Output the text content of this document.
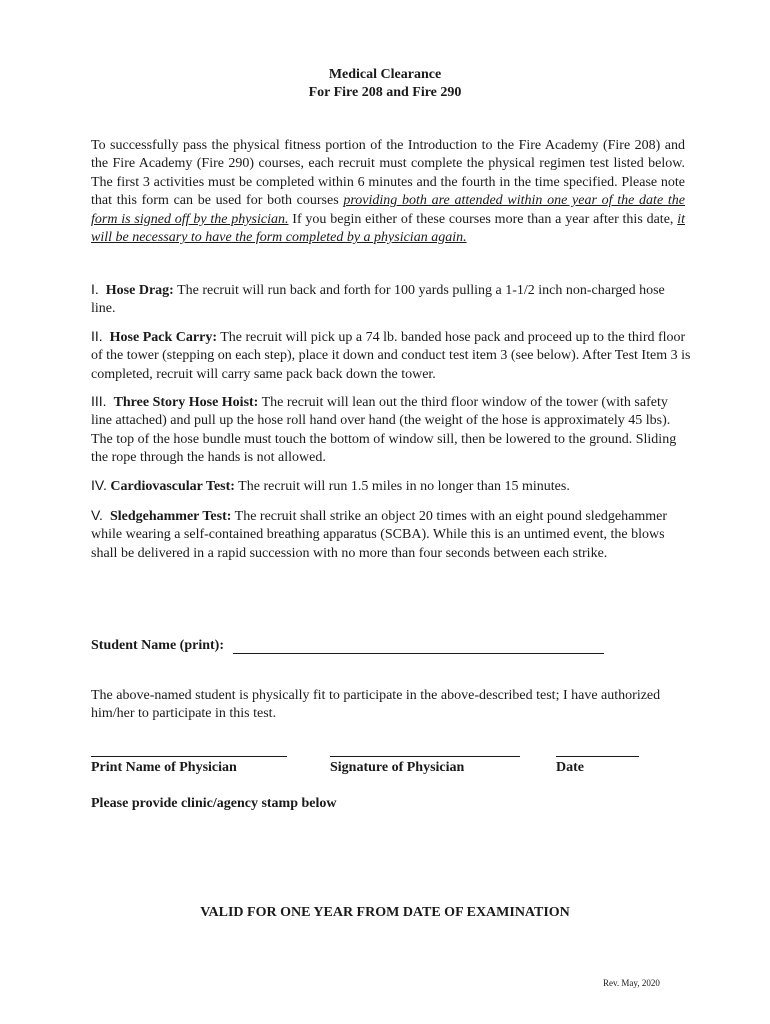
Medical Clearance
For Fire 208 and Fire 290
To successfully pass the physical fitness portion of the Introduction to the Fire Academy (Fire 208) and the Fire Academy (Fire 290) courses, each recruit must complete the physical regimen test listed below. The first 3 activities must be completed within 6 minutes and the fourth in the time specified. Please note that this form can be used for both courses providing both are attended within one year of the date the form is signed off by the physician. If you begin either of these courses more than a year after this date, it will be necessary to have the form completed by a physician again.
I. Hose Drag: The recruit will run back and forth for 100 yards pulling a 1-1/2 inch non-charged hose line.
II. Hose Pack Carry: The recruit will pick up a 74 lb. banded hose pack and proceed up to the third floor of the tower (stepping on each step), place it down and conduct test item 3 (see below). After Test Item 3 is completed, recruit will carry same pack back down the tower.
III. Three Story Hose Hoist: The recruit will lean out the third floor window of the tower (with safety line attached) and pull up the hose roll hand over hand (the weight of the hose is approximately 45 lbs). The top of the hose bundle must touch the bottom of window sill, then be lowered to the ground. Sliding the rope through the hands is not allowed.
IV. Cardiovascular Test: The recruit will run 1.5 miles in no longer than 15 minutes.
V. Sledgehammer Test: The recruit shall strike an object 20 times with an eight pound sledgehammer while wearing a self-contained breathing apparatus (SCBA). While this is an untimed event, the blows shall be delivered in a rapid succession with no more than four seconds between each strike.
Student Name (print):
The above-named student is physically fit to participate in the above-described test; I have authorized him/her to participate in this test.
Print Name of Physician	Signature of Physician	Date
Please provide clinic/agency stamp below
VALID FOR ONE YEAR FROM DATE OF EXAMINATION
Rev. May, 2020
